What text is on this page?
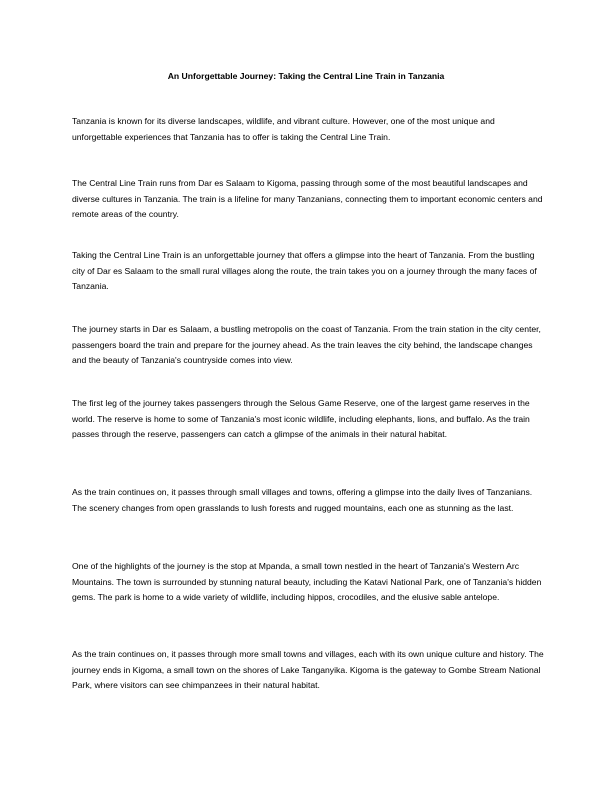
An Unforgettable Journey: Taking the Central Line Train in Tanzania

Tanzania is known for its diverse landscapes, wildlife, and vibrant culture. However, one of the most unique and unforgettable experiences that Tanzania has to offer is taking the Central Line Train.

The Central Line Train runs from Dar es Salaam to Kigoma, passing through some of the most beautiful landscapes and diverse cultures in Tanzania. The train is a lifeline for many Tanzanians, connecting them to important economic centers and remote areas of the country.

Taking the Central Line Train is an unforgettable journey that offers a glimpse into the heart of Tanzania. From the bustling city of Dar es Salaam to the small rural villages along the route, the train takes you on a journey through the many faces of Tanzania.

The journey starts in Dar es Salaam, a bustling metropolis on the coast of Tanzania. From the train station in the city center, passengers board the train and prepare for the journey ahead. As the train leaves the city behind, the landscape changes and the beauty of Tanzania's countryside comes into view.

The first leg of the journey takes passengers through the Selous Game Reserve, one of the largest game reserves in the world. The reserve is home to some of Tanzania's most iconic wildlife, including elephants, lions, and buffalo. As the train passes through the reserve, passengers can catch a glimpse of the animals in their natural habitat.

As the train continues on, it passes through small villages and towns, offering a glimpse into the daily lives of Tanzanians. The scenery changes from open grasslands to lush forests and rugged mountains, each one as stunning as the last.

One of the highlights of the journey is the stop at Mpanda, a small town nestled in the heart of Tanzania's Western Arc Mountains. The town is surrounded by stunning natural beauty, including the Katavi National Park, one of Tanzania's hidden gems. The park is home to a wide variety of wildlife, including hippos, crocodiles, and the elusive sable antelope.

As the train continues on, it passes through more small towns and villages, each with its own unique culture and history. The journey ends in Kigoma, a small town on the shores of Lake Tanganyika. Kigoma is the gateway to Gombe Stream National Park, where visitors can see chimpanzees in their natural habitat.
